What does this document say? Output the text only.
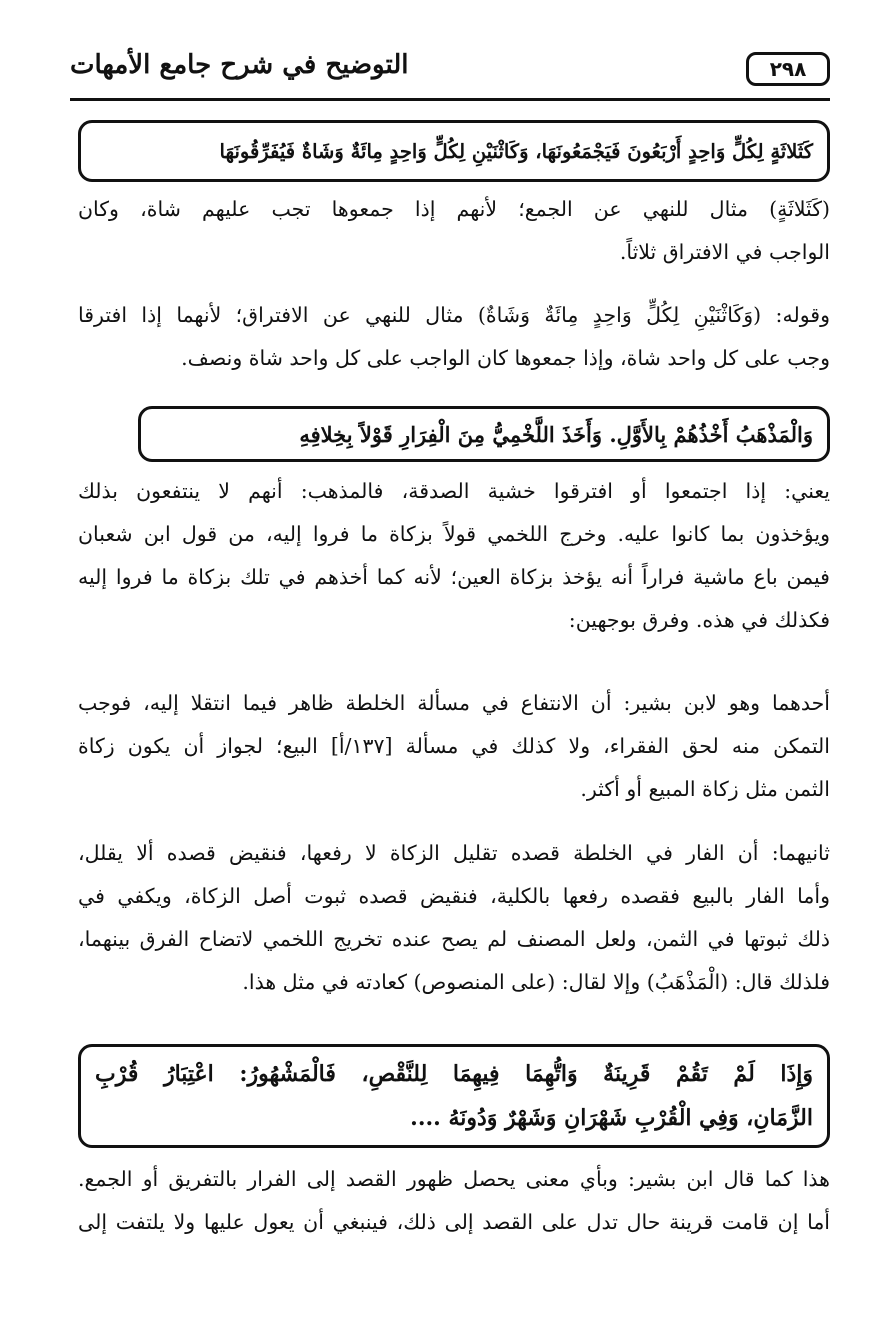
٢٩٨
التوضيح في شرح جامع الأمهات
كَثَلاثَةٍ لِكُلٍّ وَاحِدٍ أَرْبَعُونَ فَيَجْمَعُونَهَا، وَكَاثْنَيْنِ لِكُلٍّ وَاحِدٍ مِائَةٌ وَشَاةٌ فَيُفَرِّقُونَهَا
(كَثَلاثَةٍ) مثال للنهي عن الجمع؛ لأنهم إذا جمعوها تجب عليهم شاة، وكان
الواجب في الافتراق ثلاثاً.
وقوله: (وَكَاثْنَيْنِ لِكُلٍّ وَاحِدٍ مِائَةٌ وَشَاةٌ) مثال للنهي عن الافتراق؛ لأنهما إذا افترقا
وجب على كل واحد شاة، وإذا جمعوها كان الواجب على كل واحد شاة ونصف.
وَالْمَذْهَبُ أَخْذُهُمْ بِالأَوَّلِ. وَأَخَذَ اللَّخْمِيُّ مِنَ الْفِرَارِ قَوْلاً بِخِلافِهِ
يعني: إذا اجتمعوا أو افترقوا خشية الصدقة، فالمذهب: أنهم لا ينتفعون بذلك
ويؤخذون بما كانوا عليه. وخرج اللخمي قولاً بزكاة ما فروا إليه، من قول ابن شعبان
فيمن باع ماشية فراراً أنه يؤخذ بزكاة العين؛ لأنه كما أخذهم في تلك بزكاة ما فروا إليه
فكذلك في هذه. وفرق بوجهين:
أحدهما وهو لابن بشير: أن الانتفاع في مسألة الخلطة ظاهر فيما انتقلا إليه، فوجب
التمكن منه لحق الفقراء، ولا كذلك في مسألة [١٣٧/أ] البيع؛ لجواز أن يكون زكاة
الثمن مثل زكاة المبيع أو أكثر.
ثانيهما: أن الفار في الخلطة قصده تقليل الزكاة لا رفعها، فنقيض قصده ألا يقلل،
وأما الفار بالبيع فقصده رفعها بالكلية، فنقيض قصده ثبوت أصل الزكاة، ويكفي في
ذلك ثبوتها في الثمن، ولعل المصنف لم يصح عنده تخريج اللخمي لاتضاح الفرق بينهما،
فلذلك قال: (الْمَذْهَبُ) وإلا لقال: (على المنصوص) كعادته في مثل هذا.
وَإِذَا لَمْ تَقُمْ قَرِينَةٌ وَاتُّهِمَا فِيهِمَا لِلنَّقْصِ، فَالْمَشْهُورُ: اعْتِبَارُ قُرْبِ
الزَّمَانِ، وَفِي الْقُرْبِ شَهْرَانِ وَشَهْرٌ وَدُونَهُ ....
هذا كما قال ابن بشير: وبأي معنى يحصل ظهور القصد إلى الفرار بالتفريق أو الجمع.
أما إن قامت قرينة حال تدل على القصد إلى ذلك، فينبغي أن يعول عليها ولا يلتفت إلى
